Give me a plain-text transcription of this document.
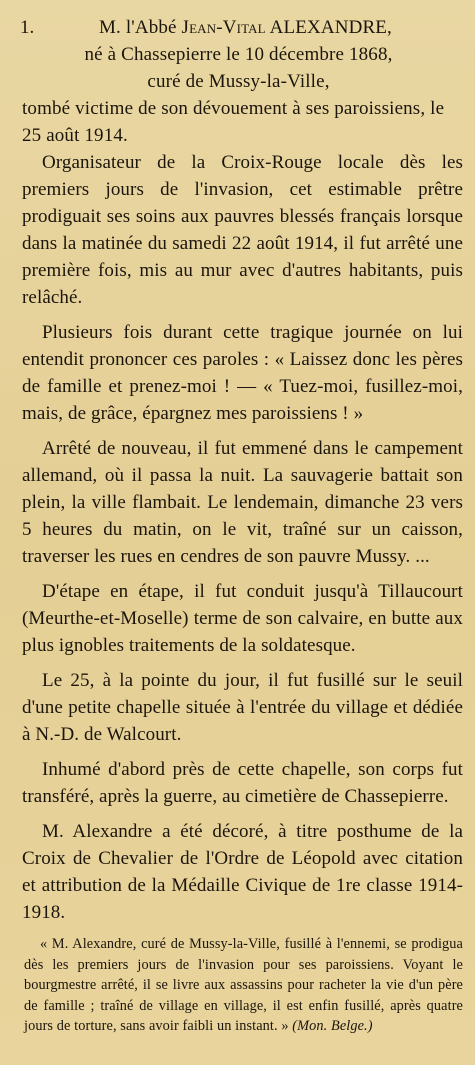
1.	M. l'Abbé Jean-Vital ALEXANDRE,
né à Chassepierre le 10 décembre 1868,
curé de Mussy-la-Ville,
tombé victime de son dévouement à ses paroissiens, le 25 août 1914.

Organisateur de la Croix-Rouge locale dès les premiers jours de l'invasion, cet estimable prêtre prodiguait ses soins aux pauvres blessés français lorsque dans la matinée du samedi 22 août 1914, il fut arrêté une première fois, mis au mur avec d'autres habitants, puis relâché.

Plusieurs fois durant cette tragique journée on lui entendit prononcer ces paroles : « Laissez donc les pères de famille et prenez-moi ! — « Tuez-moi, fusillez-moi, mais, de grâce, épargnez mes paroissiens ! »

Arrêté de nouveau, il fut emmené dans le campement allemand, où il passa la nuit. La sauvagerie battait son plein, la ville flambait. Le lendemain, dimanche 23 vers 5 heures du matin, on le vit, traîné sur un caisson, traverser les rues en cendres de son pauvre Mussy. ...

D'étape en étape, il fut conduit jusqu'à Tillaucourt (Meurthe-et-Moselle) terme de son calvaire, en butte aux plus ignobles traitements de la soldatesque.

Le 25, à la pointe du jour, il fut fusillé sur le seuil d'une petite chapelle située à l'entrée du village et dédiée à N.-D. de Walcourt.

Inhumé d'abord près de cette chapelle, son corps fut transféré, après la guerre, au cimetière de Chassepierre.

M. Alexandre a été décoré, à titre posthume de la Croix de Chevalier de l'Ordre de Léopold avec citation et attribution de la Médaille Civique de 1re classe 1914-1918.

« M. Alexandre, curé de Mussy-la-Ville, fusillé à l'ennemi, se prodigua dès les premiers jours de l'invasion pour ses paroissiens. Voyant le bourgmestre arrêté, il se livre aux assassins pour racheter la vie d'un père de famille ; traîné de village en village, il est enfin fusillé, après quatre jours de torture, sans avoir faibli un instant. » (Mon. Belge.)
